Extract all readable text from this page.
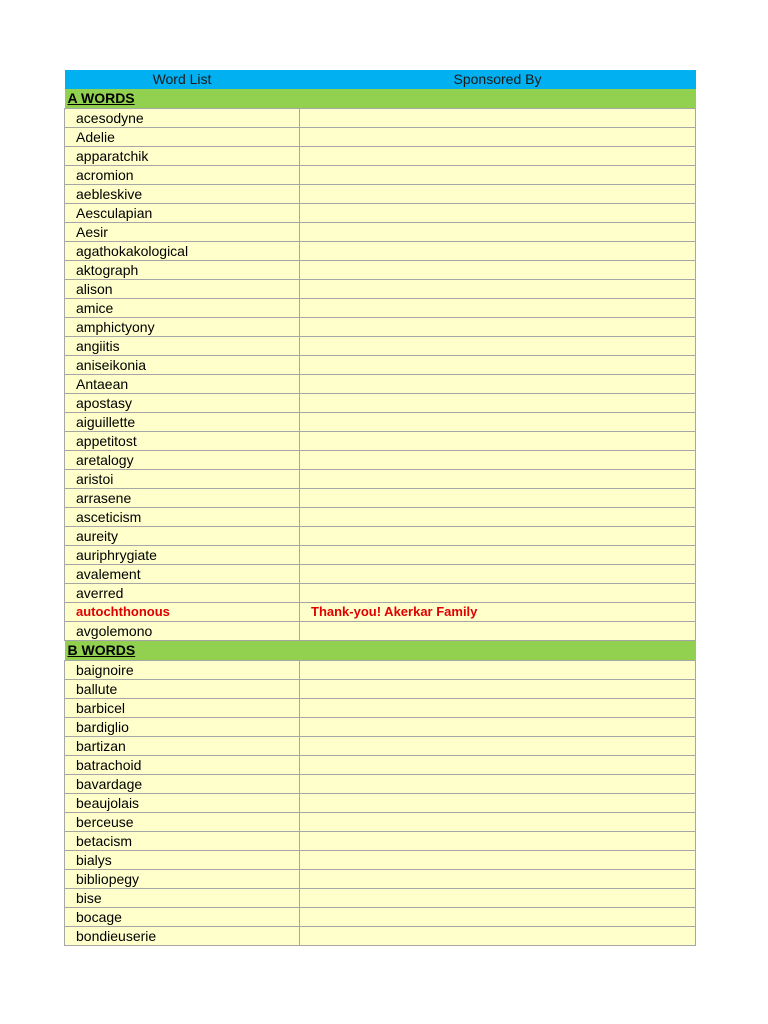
Word List	Sponsored By
A WORDS	
acesodyne	
Adelie	
apparatchik	
acromion	
aebleskive	
Aesculapian	
Aesir	
agathokakological	
aktograph	
alison	
amice	
amphictyony	
angiitis	
aniseikonia	
Antaean	
apostasy	
aiguillette	
appetitost	
aretalogy	
aristoi	
arrasene	
asceticism	
aureity	
auriphrygiate	
avalement	
averred	
autochthonous	Thank-you! Akerkar Family
avgolemono	
B WORDS	
baignoire	
ballute	
barbicel	
bardiglio	
bartizan	
batrachoid	
bavardage	
beaujolais	
berceuse	
betacism	
bialys	
bibliopegy	
bise	
bocage	
bondieuserie	
